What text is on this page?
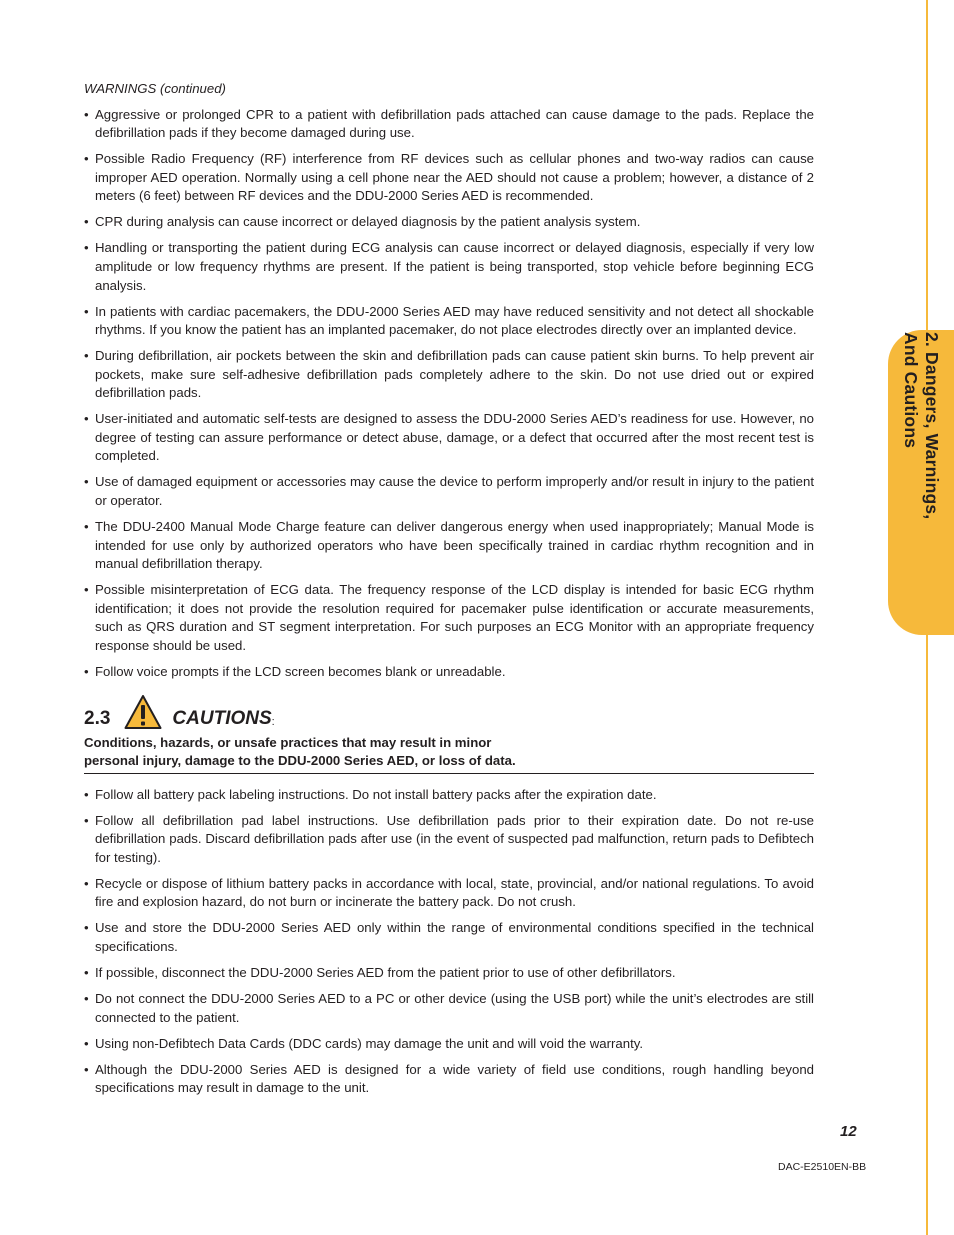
2. Dangers, Warnings,
And Cautions
WARNINGS (continued)
• Aggressive or prolonged CPR to a patient with defibrillation pads attached can cause damage to the pads. Replace the defibrillation pads if they become damaged during use.
• Possible Radio Frequency (RF) interference from RF devices such as cellular phones and two-way radios can cause improper AED operation. Normally using a cell phone near the AED should not cause a problem; however, a distance of 2 meters (6 feet) between RF devices and the DDU-2000 Series AED is recommended.
• CPR during analysis can cause incorrect or delayed diagnosis by the patient analysis system.
• Handling or transporting the patient during ECG analysis can cause incorrect or delayed diagnosis, especially if very low amplitude or low frequency rhythms are present. If the patient is being transported, stop vehicle before beginning ECG analysis.
• In patients with cardiac pacemakers, the DDU-2000 Series AED may have reduced sensitivity and not detect all shockable rhythms. If you know the patient has an implanted pacemaker, do not place electrodes directly over an implanted device.
• During defibrillation, air pockets between the skin and defibrillation pads can cause patient skin burns. To help prevent air pockets, make sure self-adhesive defibrillation pads completely adhere to the skin. Do not use dried out or expired defibrillation pads.
• User-initiated and automatic self-tests are designed to assess the DDU-2000 Series AED’s readiness for use. However, no degree of testing can assure performance or detect abuse, damage, or a defect that occurred after the most recent test is completed.
• Use of damaged equipment or accessories may cause the device to perform improperly and/or result in injury to the patient or operator.
• The DDU-2400 Manual Mode Charge feature can deliver dangerous energy when used inappropriately; Manual Mode is intended for use only by authorized operators who have been specifically trained in cardiac rhythm recognition and in manual defibrillation therapy.
• Possible misinterpretation of ECG data. The frequency response of the LCD display is intended for basic ECG rhythm identification; it does not provide the resolution required for pacemaker pulse identification or accurate measurements, such as QRS duration and ST segment interpretation. For such purposes an ECG Monitor with an appropriate frequency response should be used.
• Follow voice prompts if the LCD screen becomes blank or unreadable.
2.3	CAUTIONS :
Conditions, hazards, or unsafe practices that may result in minor
personal injury, damage to the DDU-2000 Series AED, or loss of data.
• Follow all battery pack labeling instructions. Do not install battery packs after the expiration date.
• Follow all defibrillation pad label instructions. Use defibrillation pads prior to their expiration date. Do not re-use defibrillation pads. Discard defibrillation pads after use (in the event of suspected pad malfunction, return pads to Defibtech for testing).
• Recycle or dispose of lithium battery packs in accordance with local, state, provincial, and/or national regulations. To avoid fire and explosion hazard, do not burn or incinerate the battery pack. Do not crush.
• Use and store the DDU-2000 Series AED only within the range of environmental conditions specified in the technical specifications.
• If possible, disconnect the DDU-2000 Series AED from the patient prior to use of other defibrillators.
• Do not connect the DDU-2000 Series AED to a PC or other device (using the USB port) while the unit’s electrodes are still connected to the patient.
• Using non-Defibtech Data Cards (DDC cards) may damage the unit and will void the warranty.
• Although the DDU-2000 Series AED is designed for a wide variety of field use conditions, rough handling beyond specifications may result in damage to the unit.
12
DAC-E2510EN-BB
